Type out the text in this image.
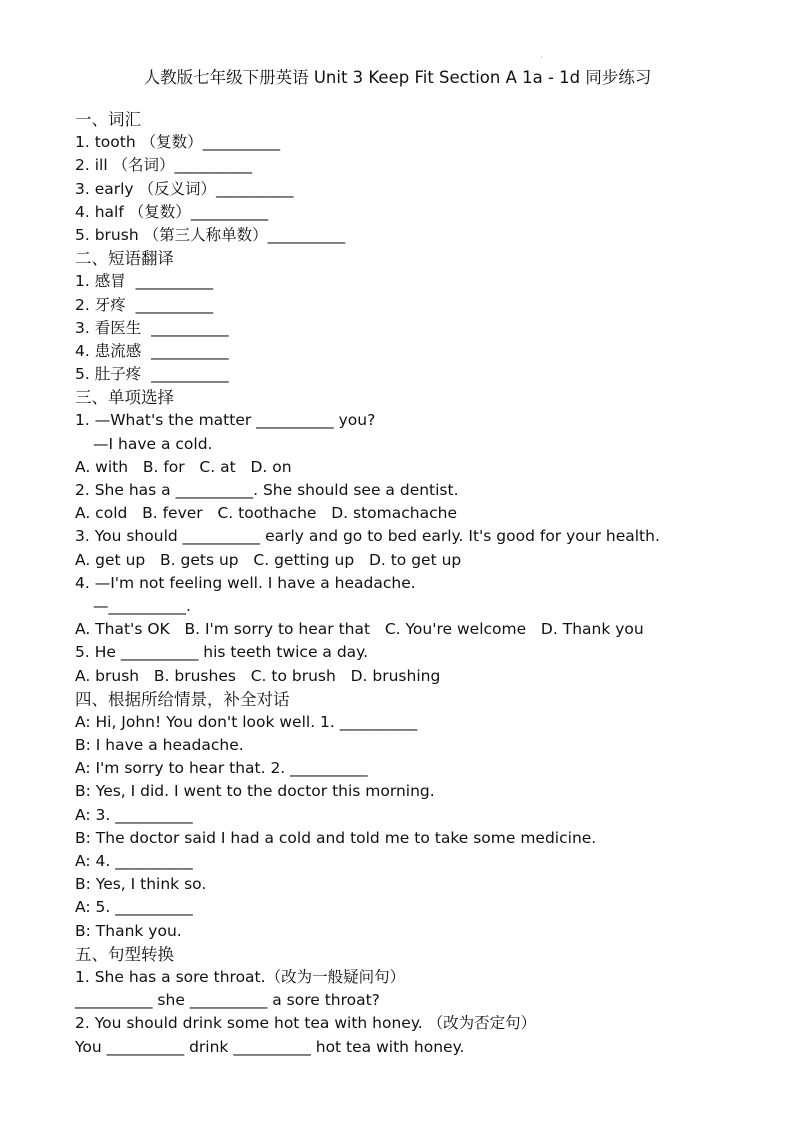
人教版七年级下册英语 Unit 3 Keep Fit Section A 1a - 1d 同步练习
一、词汇
1. tooth （复数）__________
2. ill （名词）__________
3. early （反义词）__________
4. half （复数）__________
5. brush （第三人称单数）__________
二、短语翻译
1. 感冒  __________
2. 牙疼  __________
3. 看医生  __________
4. 患流感  __________
5. 肚子疼  __________
三、单项选择
1. —What's the matter __________ you?
—I have a cold.
A. with   B. for   C. at   D. on
2. She has a __________. She should see a dentist.
A. cold   B. fever   C. toothache   D. stomachache
3. You should __________ early and go to bed early. It's good for your health.
A. get up   B. gets up   C. getting up   D. to get up
4. —I'm not feeling well. I have a headache.
—__________.
A. That's OK   B. I'm sorry to hear that   C. You're welcome   D. Thank you
5. He __________ his teeth twice a day.
A. brush   B. brushes   C. to brush   D. brushing
四、根据所给情景，补全对话
A: Hi, John! You don't look well. 1. __________
B: I have a headache.
A: I'm sorry to hear that. 2. __________
B: Yes, I did. I went to the doctor this morning.
A: 3. __________
B: The doctor said I had a cold and told me to take some medicine.
A: 4. __________
B: Yes, I think so.
A: 5. __________
B: Thank you.
五、句型转换
1. She has a sore throat.（改为一般疑问句）
__________ she __________ a sore throat?
2. You should drink some hot tea with honey. （改为否定句）
You __________ drink __________ hot tea with honey.
